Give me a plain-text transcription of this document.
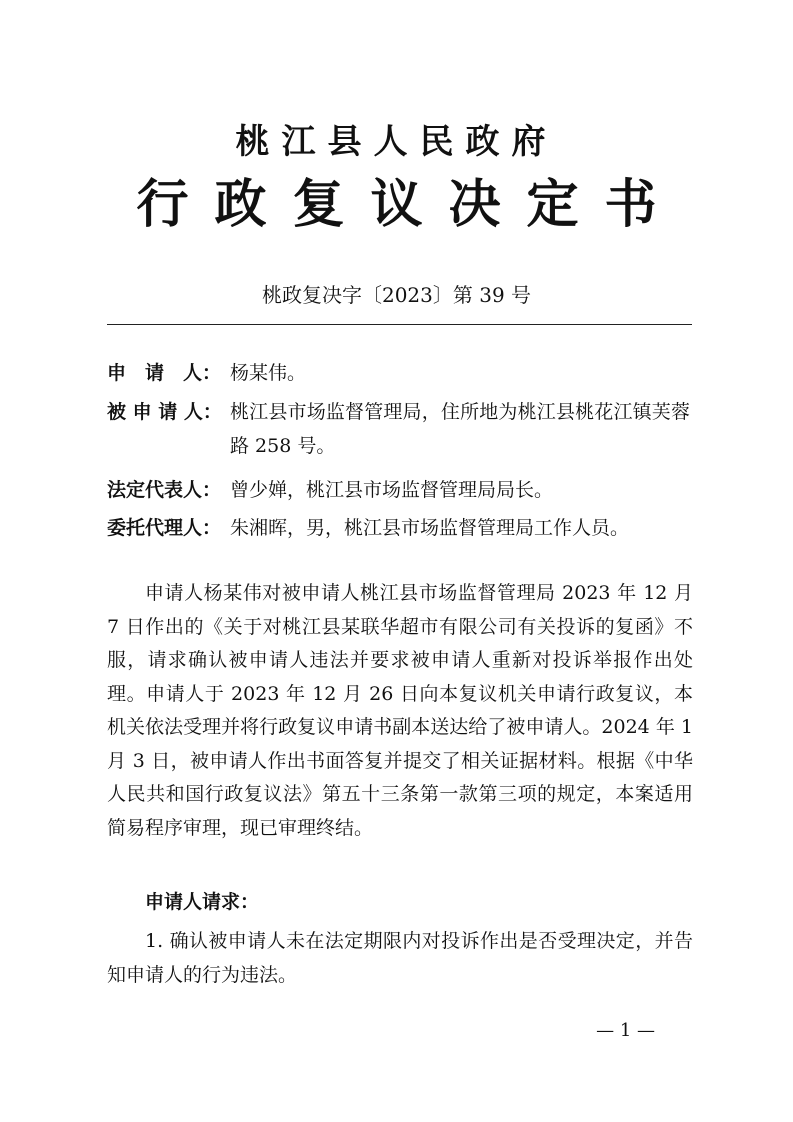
桃江县人民政府
行政复议决定书
桃政复决字〔2023〕第 39 号
申　请　人： 杨某伟。
被 申 请 人： 桃江县市场监督管理局，住所地为桃江县桃花江镇芙蓉路 258 号。
法定代表人： 曾少婵，桃江县市场监督管理局局长。
委托代理人： 朱湘晖，男，桃江县市场监督管理局工作人员。
申请人杨某伟对被申请人桃江县市场监督管理局 2023 年 12 月 7 日作出的《关于对桃江县某联华超市有限公司有关投诉的复函》不服，请求确认被申请人违法并要求被申请人重新对投诉举报作出处理。申请人于 2023 年 12 月 26 日向本复议机关申请行政复议，本机关依法受理并将行政复议申请书副本送达给了被申请人。2024 年 1 月 3 日，被申请人作出书面答复并提交了相关证据材料。根据《中华人民共和国行政复议法》第五十三条第一款第三项的规定，本案适用简易程序审理，现已审理终结。
申请人请求：
1. 确认被申请人未在法定期限内对投诉作出是否受理决定，并告知申请人的行为违法。
— 1 —
